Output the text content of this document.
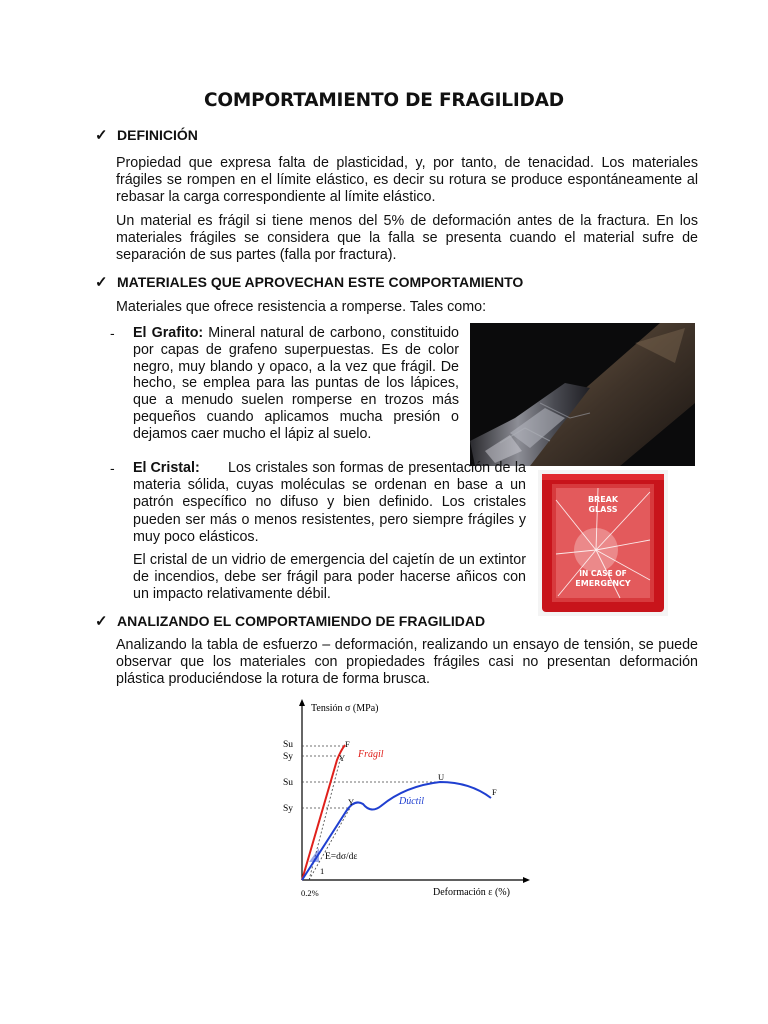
COMPORTAMIENTO DE FRAGILIDAD
✓ DEFINICIÓN
Propiedad que expresa falta de plasticidad, y, por tanto, de tenacidad. Los materiales frágiles se rompen en el límite elástico, es decir su rotura se produce espontáneamente al rebasar la carga correspondiente al límite elástico.
Un material es frágil si tiene menos del 5% de deformación antes de la fractura. En los materiales frágiles se considera que la falla se presenta cuando el material sufre de separación de sus partes (falla por fractura).
✓ MATERIALES QUE APROVECHAN ESTE COMPORTAMIENTO
Materiales que ofrece resistencia a romperse. Tales como:
- El Grafito: Mineral natural de carbono, constituido por capas de grafeno superpuestas. Es de color negro, muy blando y opaco, a la vez que frágil. De hecho, se emplea para las puntas de los lápices, que a menudo suelen romperse en trozos más pequeños cuando aplicamos mucha presión o dejamos caer mucho el lápiz al suelo.
- El Cristal:	Los cristales son formas de presentación de la materia sólida, cuyas moléculas se ordenan en base a un patrón específico no difuso y bien definido. Los cristales pueden ser más o menos resistentes, pero siempre frágiles y muy poco elásticos.
El cristal de un vidrio de emergencia del cajetín de un extintor de incendios, debe ser frágil para poder hacerse añicos con un impacto relativamente débil.
BREAK
GLASS
IN CASE OF
EMERGENCY
✓ ANALIZANDO EL COMPORTAMIENDO DE FRAGILIDAD
Analizando la tabla de esfuerzo – deformación, realizando un ensayo de tensión, se puede observar que los materiales con propiedades frágiles casi no presentan deformación plástica produciéndose la rotura de forma brusca.
Tensión σ (MPa)
Deformación ε (%)
0.2%
Su
Sy
Su
Sy
F
Y
Y
U
F
Frágil
Dúctil
E=dσ/dε
1
